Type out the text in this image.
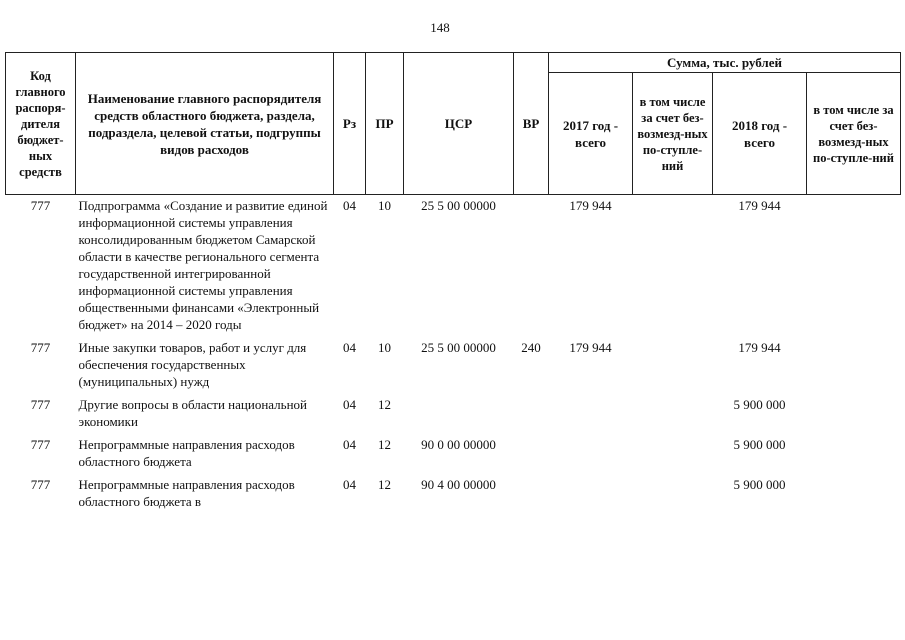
148
Код главного распоря-дителя бюджет-ных средств	Наименование главного распорядителя средств областного бюджета, раздела, подраздела, целевой статьи, подгруппы видов расходов	Рз	ПР	ЦСР	ВР	Сумма, тыс. рублей			
						2017 год - всего	в том числе за счет без-возмезд-ных по-ступле-ний	2018 год - всего	в том числе за счет без-возмезд-ных по-ступле-ний
777	Подпрограмма «Создание и развитие единой информационной системы управления консолидированным бюджетом Самарской области в качестве регионального сегмента государственной интегрированной информационной системы управления общественными финансами «Электронный бюджет» на 2014 – 2020 годы	04	10	25 5 00 00000		179 944		179 944	
777	Иные закупки товаров, работ и услуг для обеспечения государственных (муниципальных) нужд	04	10	25 5 00 00000	240	179 944		179 944	
777	Другие вопросы в области национальной экономики	04	12					5 900 000	
777	Непрограммные направления расходов областного бюджета	04	12	90 0 00 00000				5 900 000	
777	Непрограммные направления расходов областного бюджета в	04	12	90 4 00 00000				5 900 000	
